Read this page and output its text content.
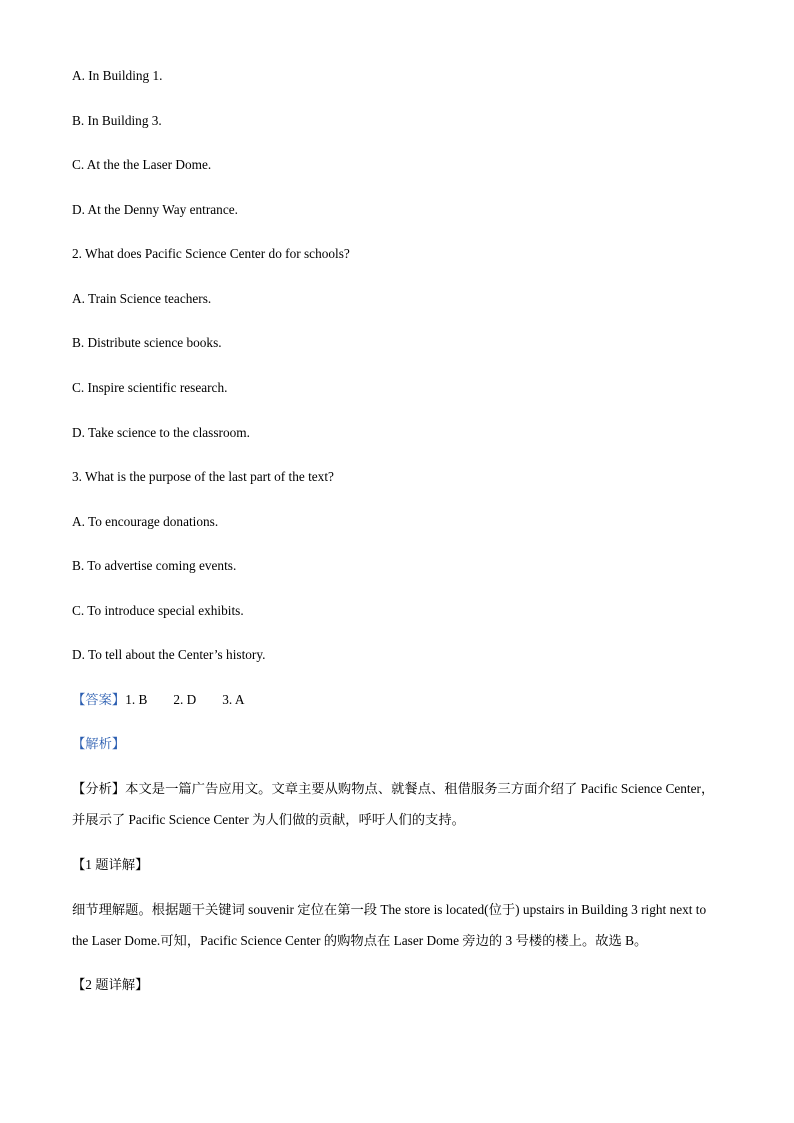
A. In Building 1.
B. In Building 3.
C. At the the Laser Dome.
D. At the Denny Way entrance.
2. What does Pacific Science Center do for schools?
A. Train Science teachers.
B. Distribute science books.
C. Inspire scientific research.
D. Take science to the classroom.
3. What is the purpose of the last part of the text?
A. To encourage donations.
B. To advertise coming events.
C. To introduce special exhibits.
D. To tell about the Center’s history.
【答案】1. B 2. D 3. A
【解析】
【分析】本文是一篇广告应用文。文章主要从购物点、就餐点、租借服务三方面介绍了 Pacific Science Center，并展示了 Pacific Science Center 为人们做的贡献，呼吁人们的支持。
【1 题详解】
细节理解题。根据题干关键词 souvenir 定位在第一段 The store is located(位于) upstairs in Building 3 right next to the Laser Dome.可知，Pacific Science Center 的购物点在 Laser Dome 旁边的 3 号楼的楼上。故选 B。
【2 题详解】
